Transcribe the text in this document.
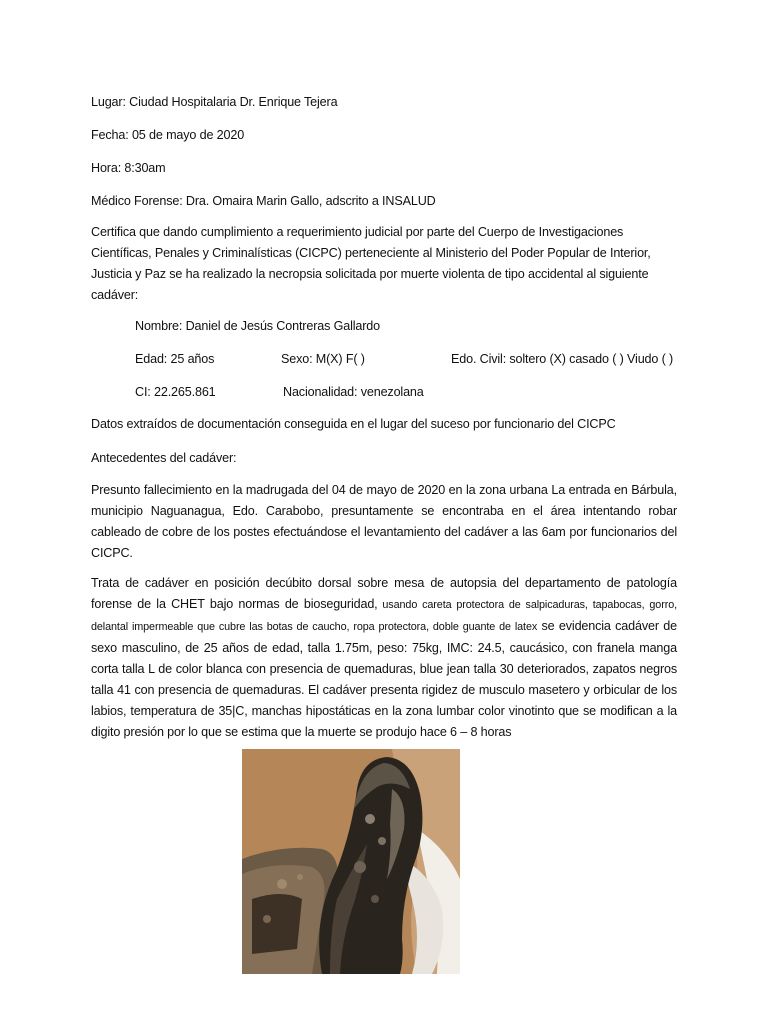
Lugar: Ciudad Hospitalaria Dr. Enrique Tejera

Fecha: 05 de mayo de 2020

Hora: 8:30am

Médico Forense: Dra. Omaira Marin Gallo, adscrito a INSALUD

Certifica que dando cumplimiento a requerimiento judicial por parte del Cuerpo de Investigaciones Científicas, Penales y Criminalísticas (CICPC) perteneciente al Ministerio del Poder Popular de Interior, Justicia y Paz se ha realizado la necropsia solicitada por muerte violenta de tipo accidental al siguiente cadáver:

Nombre: Daniel de Jesús Contreras Gallardo
Edad: 25 años	Sexo: M(X) F( )	Edo. Civil: soltero (X) casado ( ) Viudo ( )
CI: 22.265.861	Nacionalidad: venezolana

Datos extraídos de documentación conseguida en el lugar del suceso por funcionario del CICPC

Antecedentes del cadáver:

Presunto fallecimiento en la madrugada del 04 de mayo de 2020 en la zona urbana La entrada en Bárbula, municipio Naguanagua, Edo. Carabobo, presuntamente se encontraba en el área intentando robar cableado de cobre de los postes efectuándose el levantamiento del cadáver a las 6am por funcionarios del CICPC.

Trata de cadáver en posición decúbito dorsal sobre mesa de autopsia del departamento de patología forense de la CHET bajo normas de bioseguridad, usando careta protectora de salpicaduras, tapabocas, gorro, delantal impermeable que cubre las botas de caucho, ropa protectora, doble guante de latex se evidencia cadáver de sexo masculino, de 25 años de edad, talla 1.75m, peso: 75kg, IMC: 24.5, caucásico, con franela manga corta talla L de color blanca con presencia de quemaduras, blue jean talla 30 deteriorados, zapatos negros talla 41 con presencia de quemaduras. El cadáver presenta rigidez de musculo masetero y orbicular de los labios, temperatura de 35|C, manchas hipostáticas en la zona lumbar color vinotinto que se modifican a la digito presión por lo que se estima que la muerte se produjo hace 6 – 8 horas
